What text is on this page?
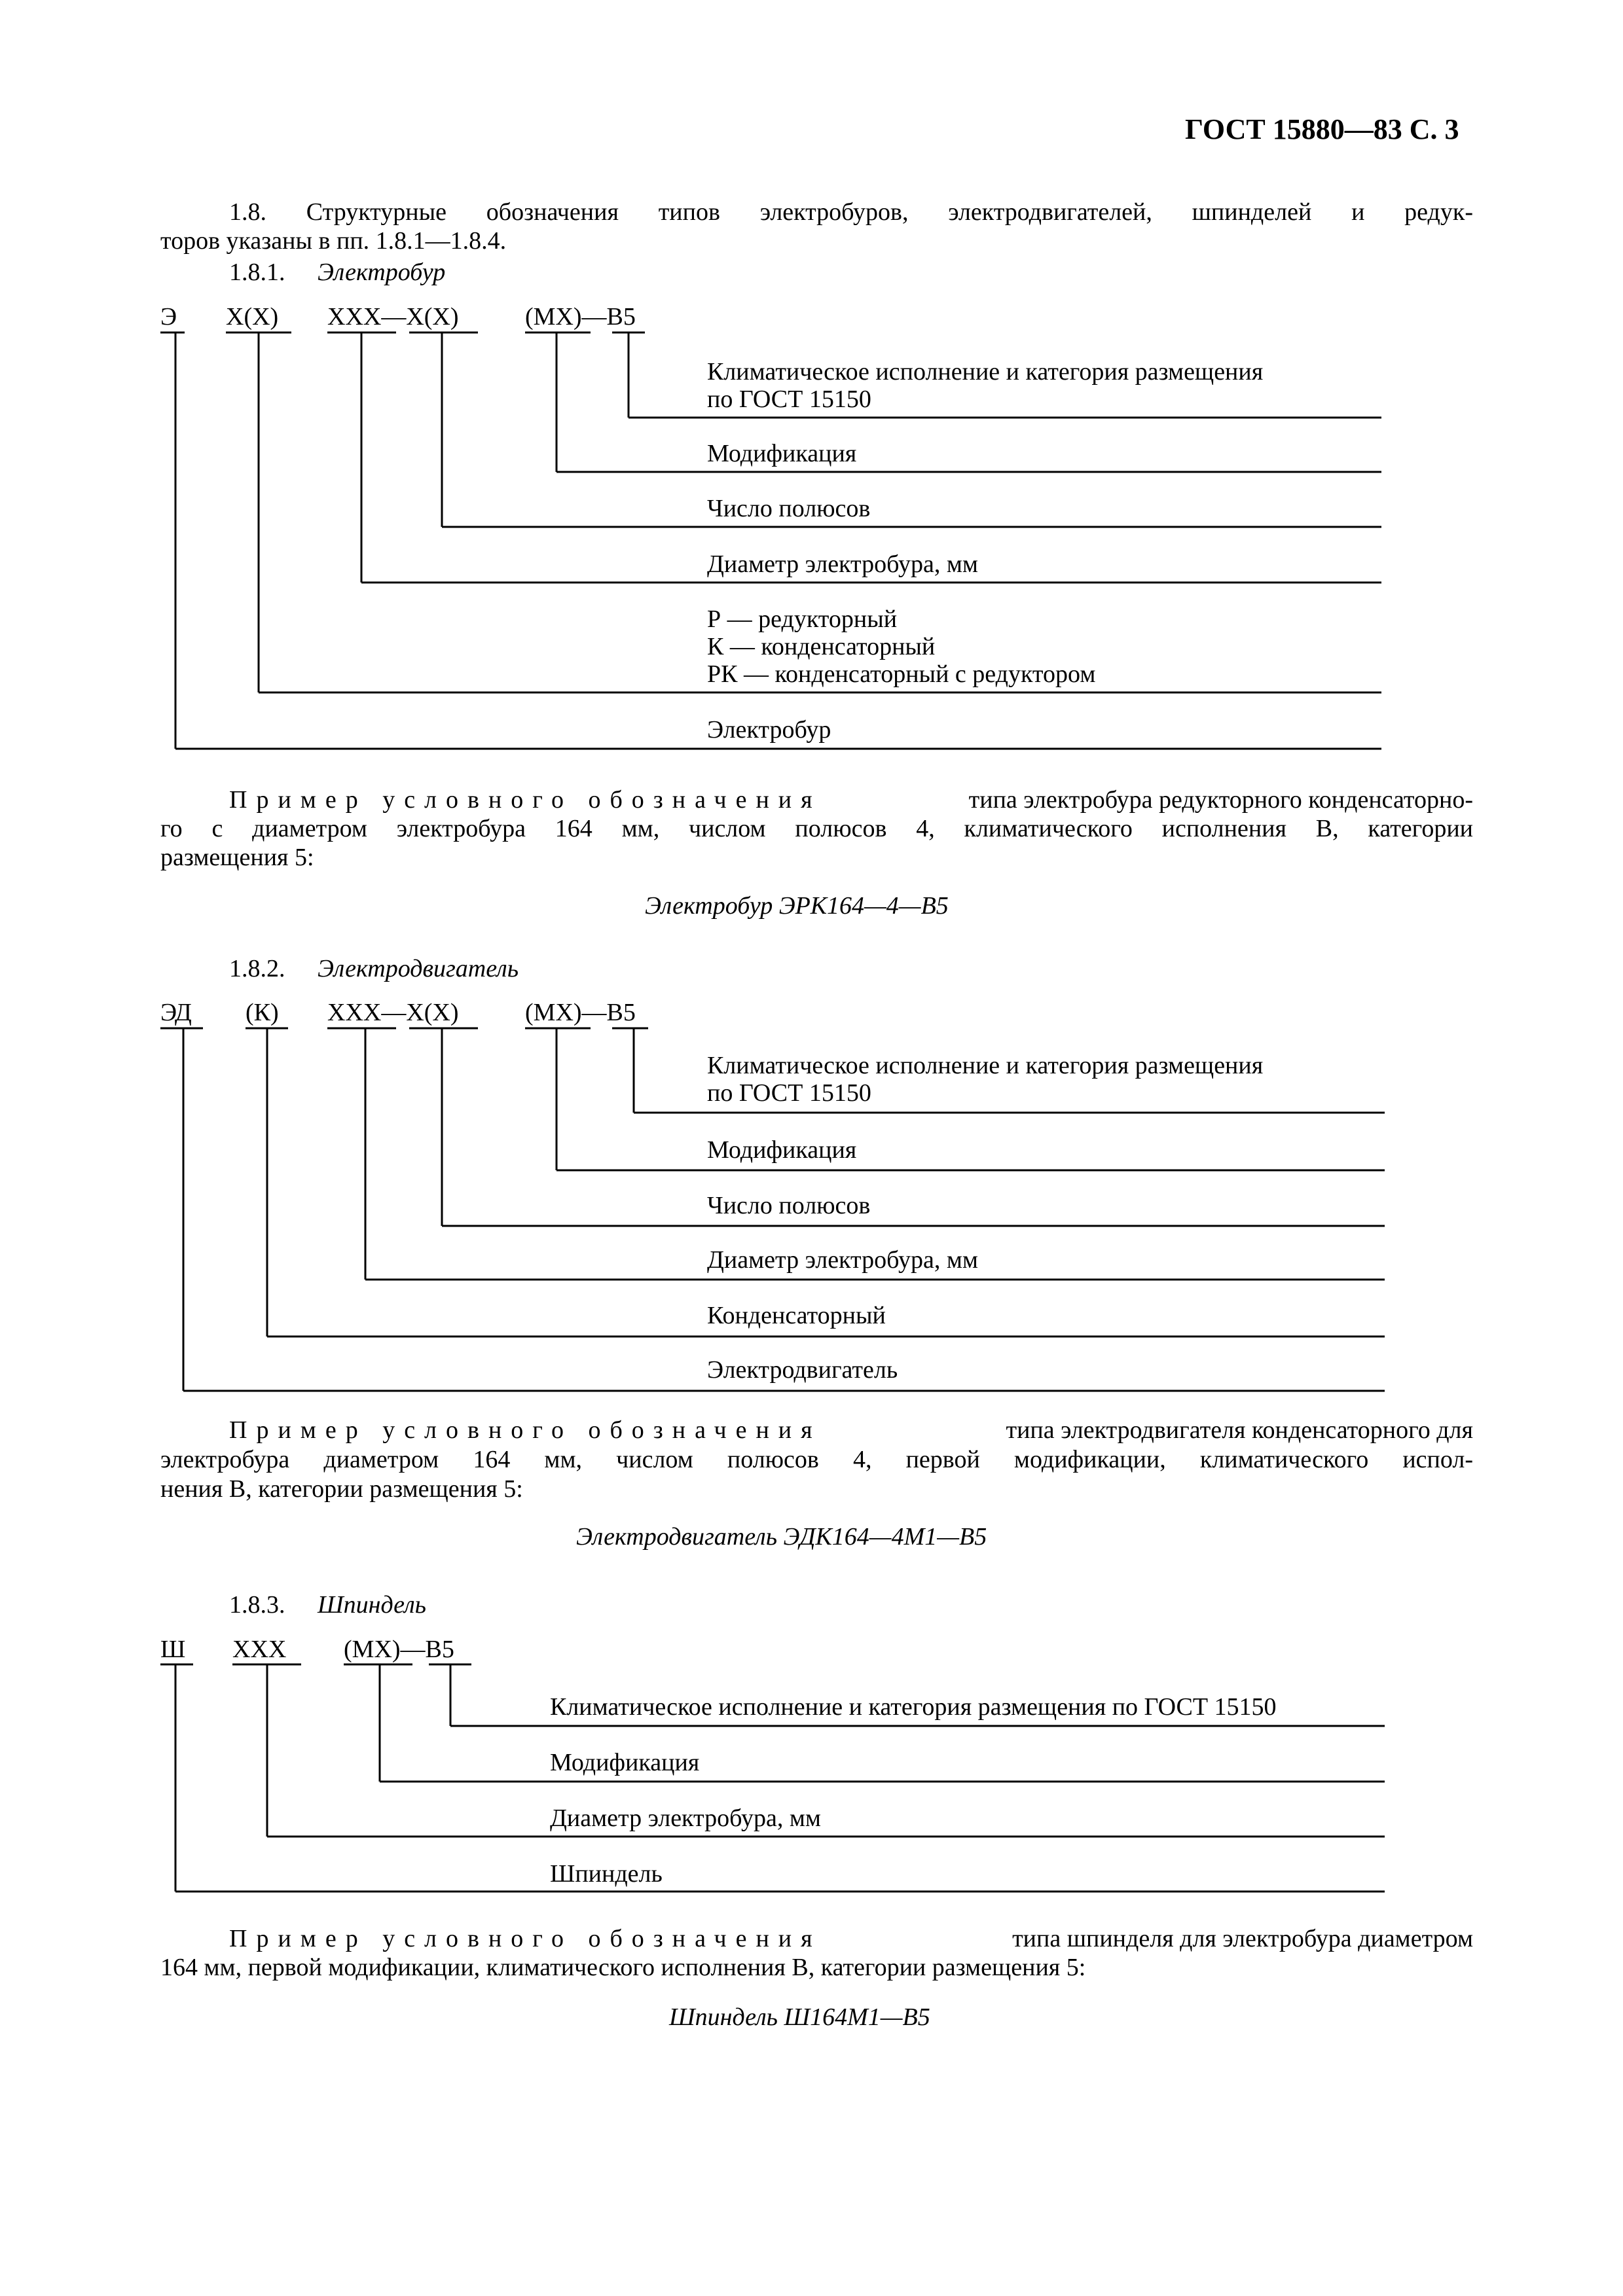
ГОСТ 15880—83 С. 3
1.8. Структурные обозначения типов электробуров, электродвигателей, шпинделей и редук-
торов указаны в пп. 1.8.1—1.8.4.
1.8.1. Электробур
Э Х(Х) ХХХ—Х(Х)	(МХ)—В5
Климатическое исполнение и категория размещения
по ГОСТ 15150
Модификация
Число полюсов
Диаметр электробура, мм
Р — редукторный
К — конденсаторный
РК — конденсаторный с редуктором
Электробур
Пример условного обозначения	типа электробура редукторного конденсаторно-
го с диаметром электробура 164 мм, числом полюсов 4, климатического исполнения В, категории
размещения 5:
Электробур ЭРК164—4—В5
1.8.2. Электродвигатель
ЭД (К) ХХХ—Х(Х)	(МХ)—В5
Климатическое исполнение и категория размещения
по ГОСТ 15150
Модификация
Число полюсов
Диаметр электробура, мм
Конденсаторный
Электродвигатель
Пример условного обозначения	типа электродвигателя конденсаторного для
электробура диаметром 164 мм, числом полюсов 4, первой модификации, климатического испол-
нения В, категории размещения 5:
Электродвигатель ЭДК164—4М1—В5
1.8.3. Шпиндель
Ш ХХХ (МХ)—В5
Климатическое исполнение и категория размещения по ГОСТ 15150
Модификация
Диаметр электробура, мм
Шпиндель
Пример условного обозначения	типа шпинделя для электробура диаметром
164 мм, первой модификации, климатического исполнения В, категории размещения 5:
Шпиндель Ш164М1—В5
